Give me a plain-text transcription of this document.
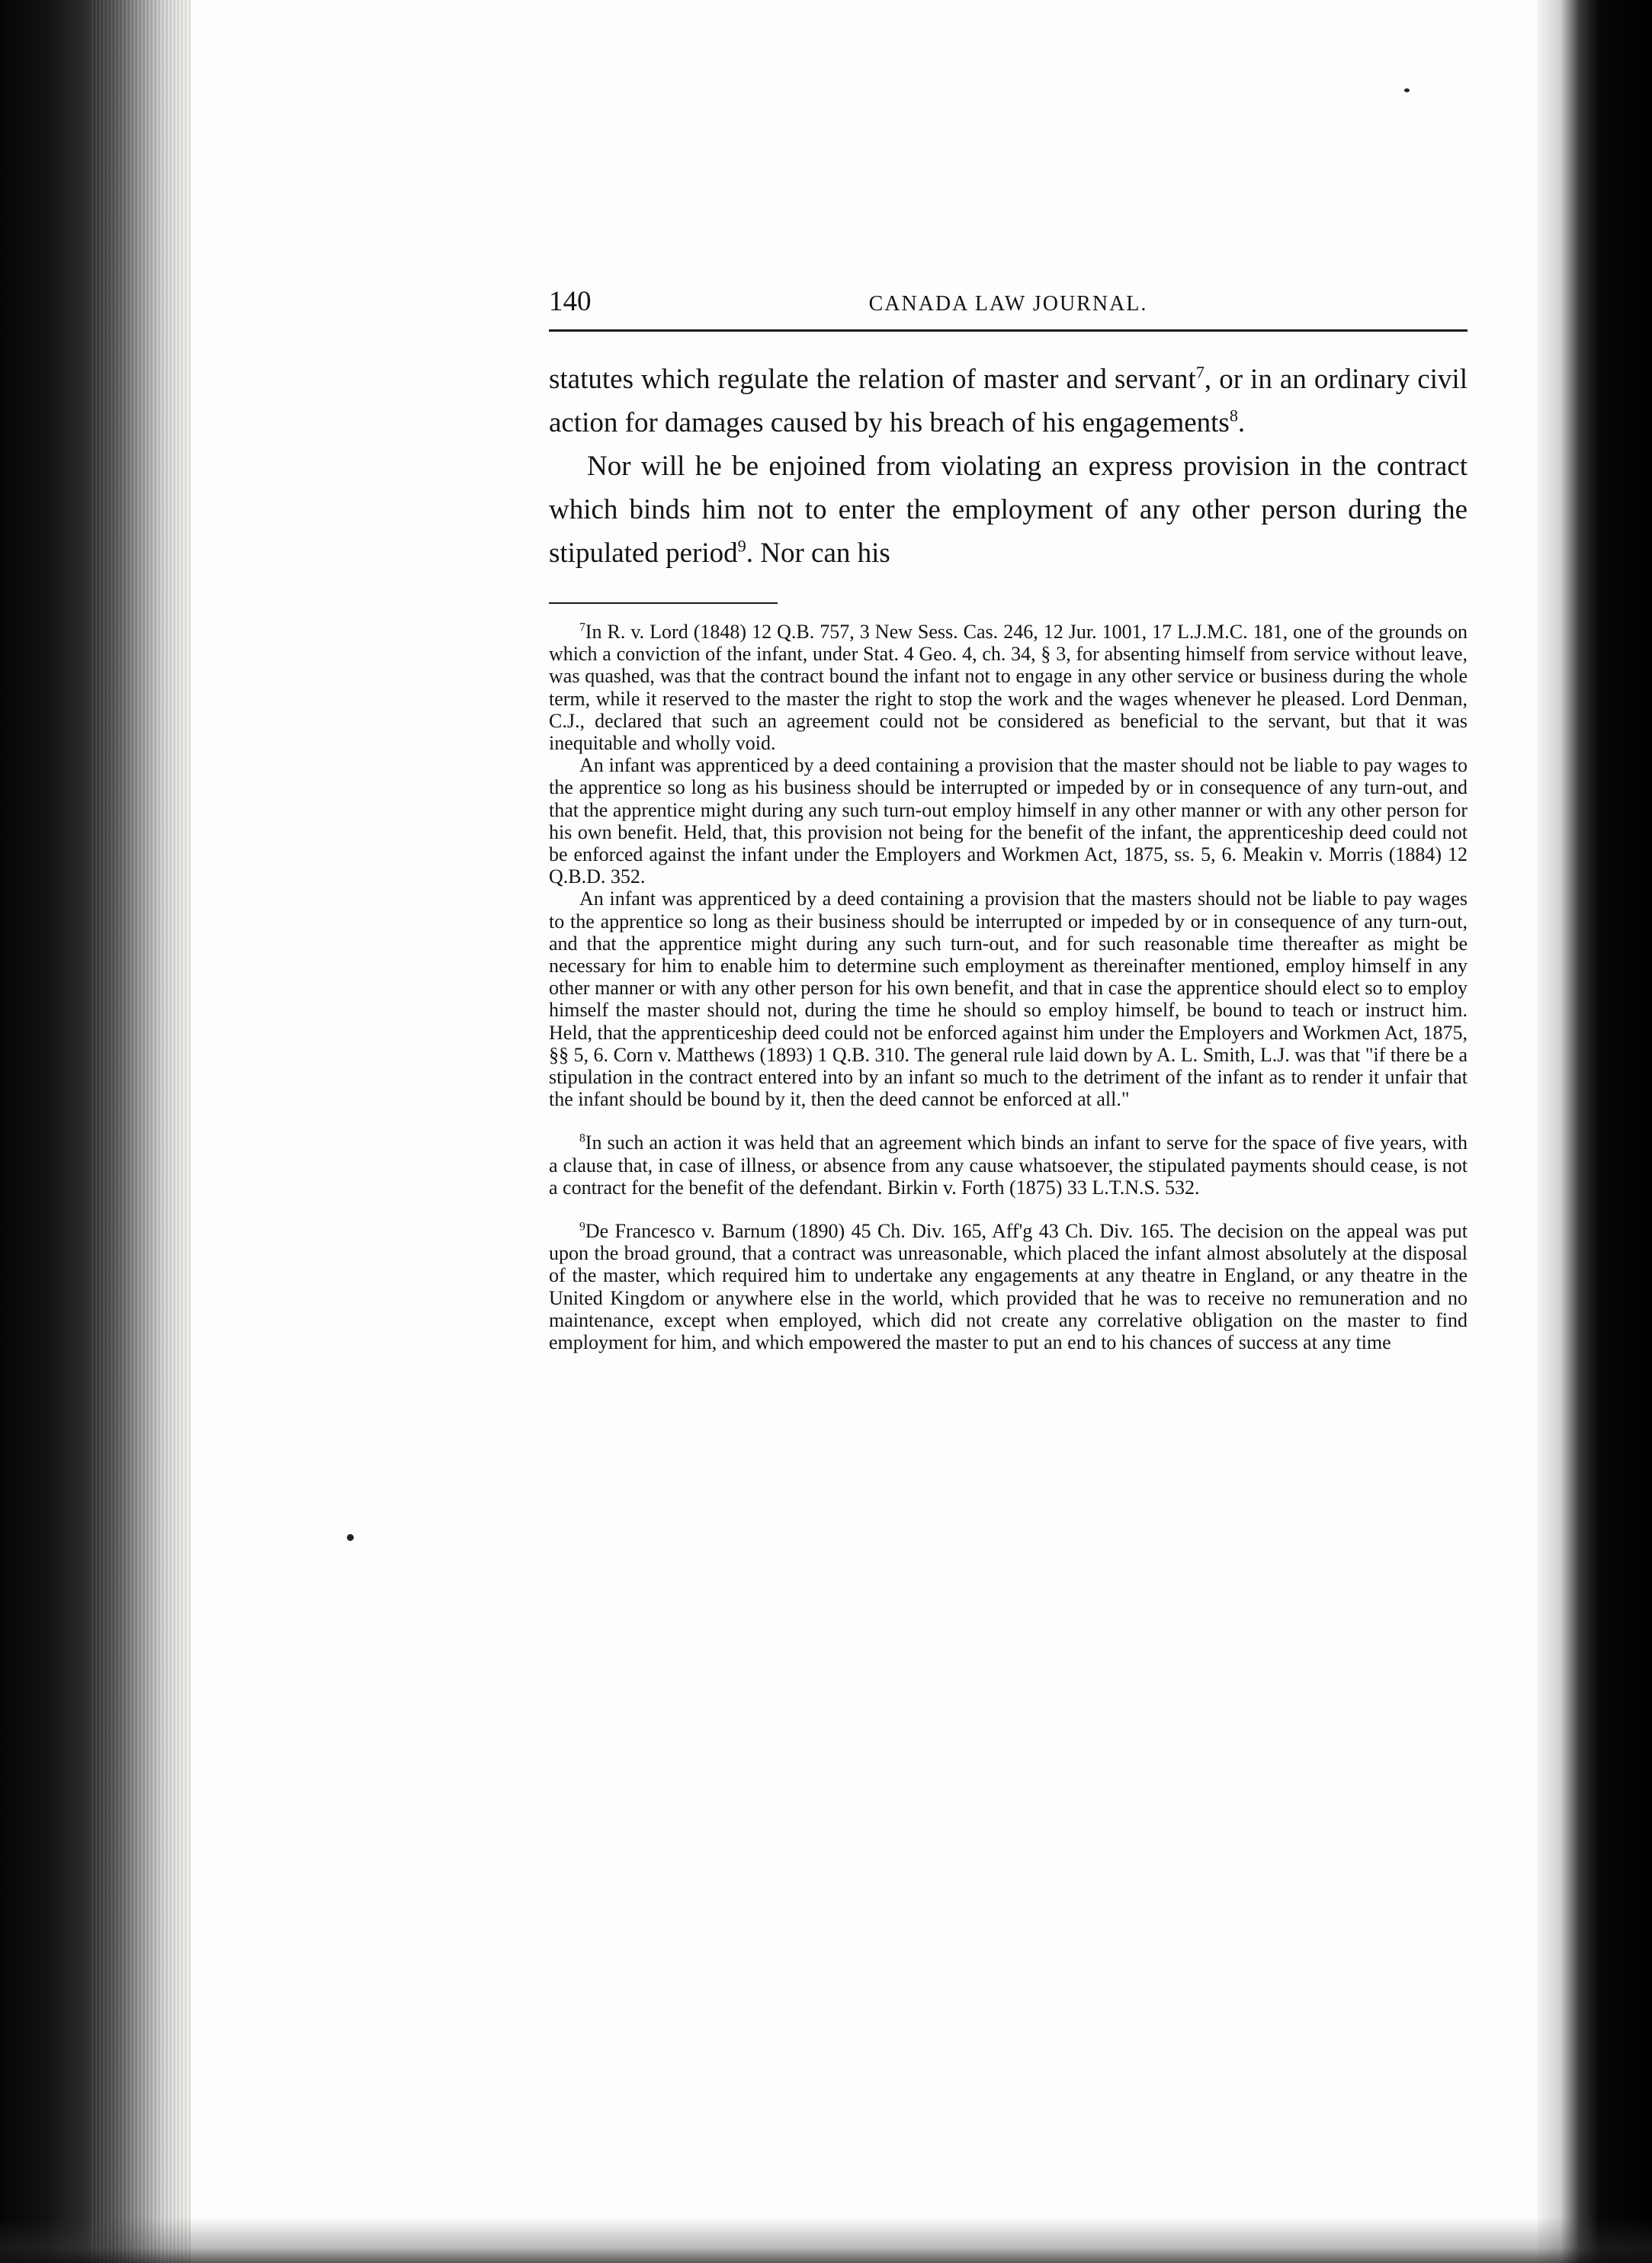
140	CANADA LAW JOURNAL.

statutes which regulate the relation of master and servant$^7$, or in an ordinary civil action for damages caused by his breach of his engagements$^8$.

Nor will he be enjoined from violating an express provision in the contract which binds him not to enter the employment of any other person during the stipulated period$^9$. Nor can his

$^7$In R. v. Lord (1848) 12 Q.B. 757, 3 New Sess. Cas. 246, 12 Jur. 1001, 17 L.J.M.C. 181, one of the grounds on which a conviction of the infant, under Stat. 4 Geo. 4, ch. 34, § 3, for absenting himself from service without leave, was quashed, was that the contract bound the infant not to engage in any other service or business during the whole term, while it reserved to the master the right to stop the work and the wages whenever he pleased. Lord Denman, C.J., declared that such an agreement could not be considered as beneficial to the servant, but that it was inequitable and wholly void.

An infant was apprenticed by a deed containing a provision that the master should not be liable to pay wages to the apprentice so long as his business should be interrupted or impeded by or in consequence of any turn-out, and that the apprentice might during any such turn-out employ himself in any other manner or with any other person for his own benefit. Held, that, this provision not being for the benefit of the infant, the apprenticeship deed could not be enforced against the infant under the Employers and Workmen Act, 1875, ss. 5, 6. Meakin v. Morris (1884) 12 Q.B.D. 352.

An infant was apprenticed by a deed containing a provision that the masters should not be liable to pay wages to the apprentice so long as their business should be interrupted or impeded by or in consequence of any turn-out, and that the apprentice might during any such turn-out, and for such reasonable time thereafter as might be necessary for him to enable him to determine such employment as thereinafter mentioned, employ himself in any other manner or with any other person for his own benefit, and that in case the apprentice should elect so to employ himself the master should not, during the time he should so employ himself, be bound to teach or instruct him. Held, that the apprenticeship deed could not be enforced against him under the Employers and Workmen Act, 1875, §§ 5, 6. Corn v. Matthews (1893) 1 Q.B. 310. The general rule laid down by A. L. Smith, L.J. was that "if there be a stipulation in the contract entered into by an infant so much to the detriment of the infant as to render it unfair that the infant should be bound by it, then the deed cannot be enforced at all."

$^8$In such an action it was held that an agreement which binds an infant to serve for the space of five years, with a clause that, in case of illness, or absence from any cause whatsoever, the stipulated payments should cease, is not a contract for the benefit of the defendant. Birkin v. Forth (1875) 33 L.T.N.S. 532.

$^9$De Francesco v. Barnum (1890) 45 Ch. Div. 165, Aff'g 43 Ch. Div. 165. The decision on the appeal was put upon the broad ground, that a contract was unreasonable, which placed the infant almost absolutely at the disposal of the master, which required him to undertake any engagements at any theatre in England, or any theatre in the United Kingdom or anywhere else in the world, which provided that he was to receive no remuneration and no maintenance, except when employed, which did not create any correlative obligation on the master to find employment for him, and which empowered the master to put an end to his chances of success at any time
